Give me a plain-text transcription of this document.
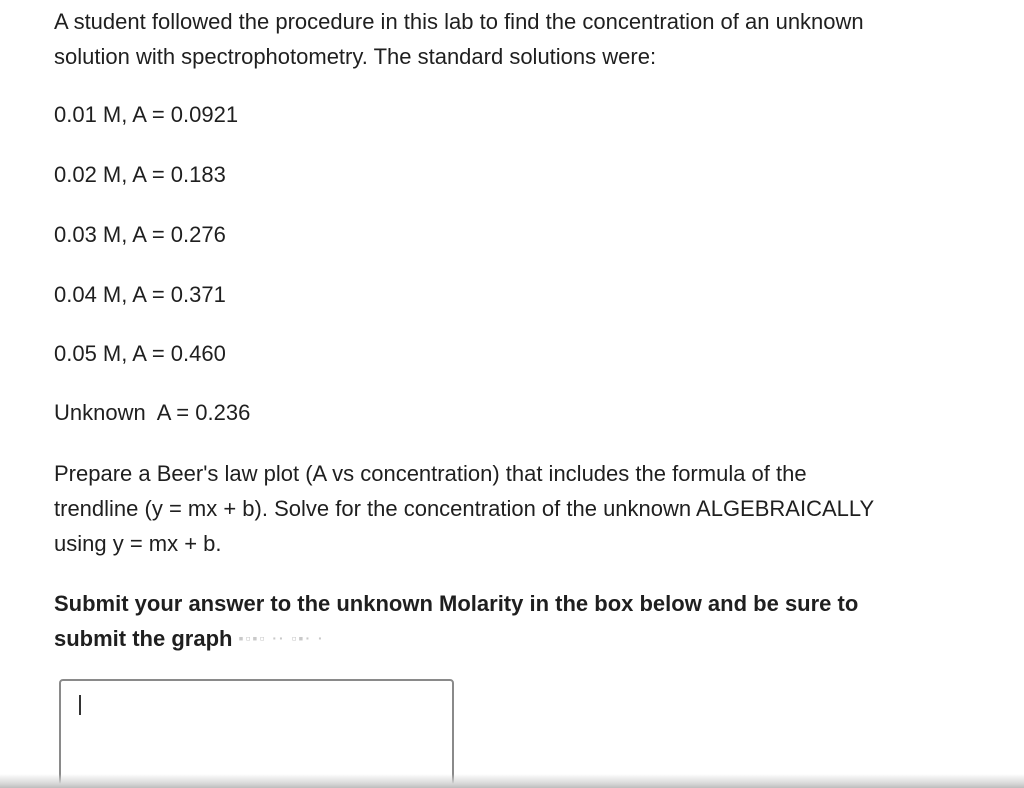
A student followed the procedure in this lab to find the concentration of an unknown
solution with spectrophotometry. The standard solutions were:
0.01 M, A = 0.0921
0.02 M, A = 0.183
0.03 M, A = 0.276
0.04 M, A = 0.371
0.05 M, A = 0.460
Unknown  A = 0.236
Prepare a Beer's law plot (A vs concentration) that includes the formula of the
trendline (y = mx + b). Solve for the concentration of the unknown ALGEBRAICALLY
using y = mx + b.
Submit your answer to the unknown Molarity in the box below and be sure to
submit the graph ▪▫▪▫ ·· ▫▪· ·
